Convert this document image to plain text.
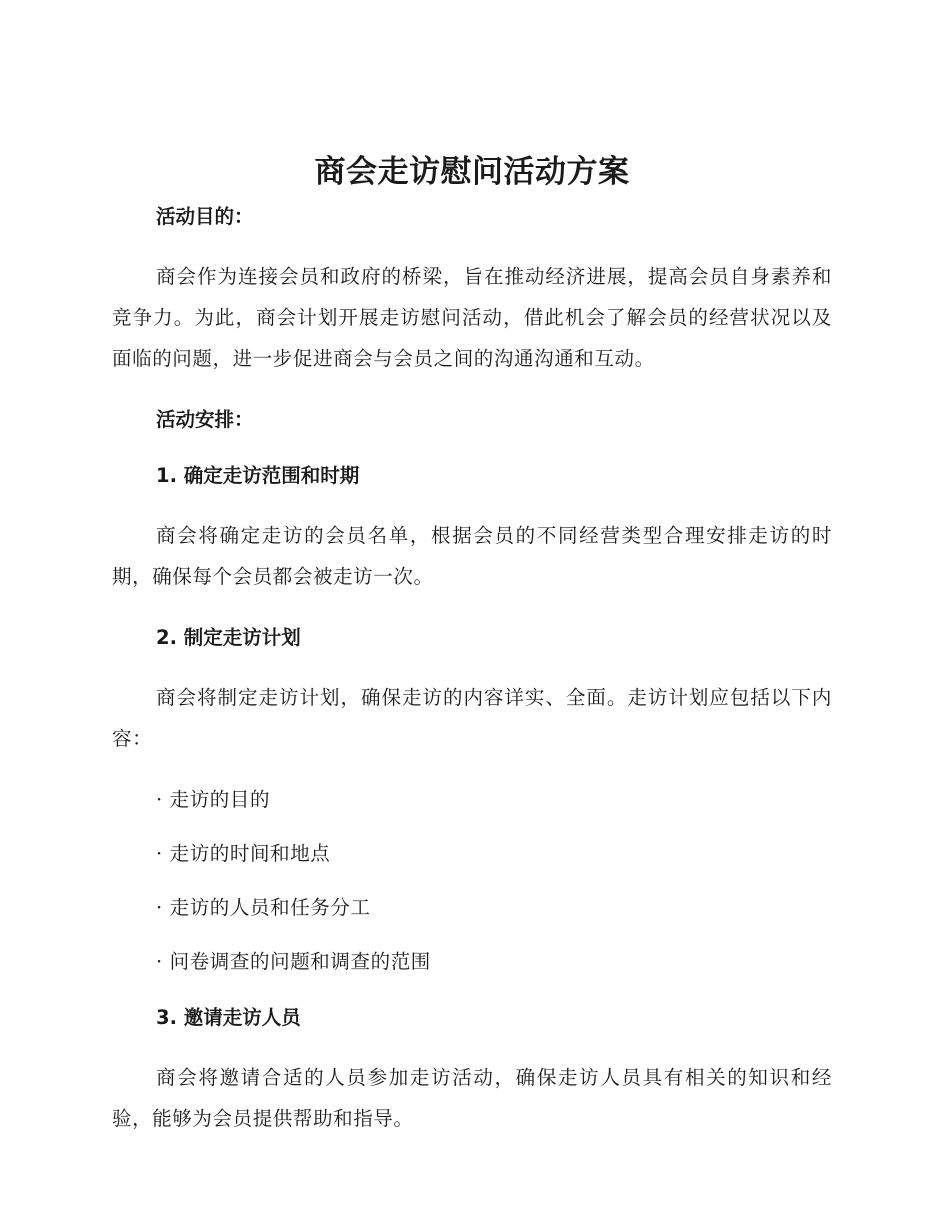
商会走访慰问活动方案

活动目的：

商会作为连接会员和政府的桥梁，旨在推动经济进展，提高会员自身素养和竞争力。为此，商会计划开展走访慰问活动，借此机会了解会员的经营状况以及面临的问题，进一步促进商会与会员之间的沟通沟通和互动。

活动安排：

1. 确定走访范围和时期

商会将确定走访的会员名单，根据会员的不同经营类型合理安排走访的时期，确保每个会员都会被走访一次。

2. 制定走访计划

商会将制定走访计划，确保走访的内容详实、全面。走访计划应包括以下内容：

· 走访的目的

· 走访的时间和地点

· 走访的人员和任务分工

· 问卷调查的问题和调查的范围

3. 邀请走访人员

商会将邀请合适的人员参加走访活动，确保走访人员具有相关的知识和经验，能够为会员提供帮助和指导。
